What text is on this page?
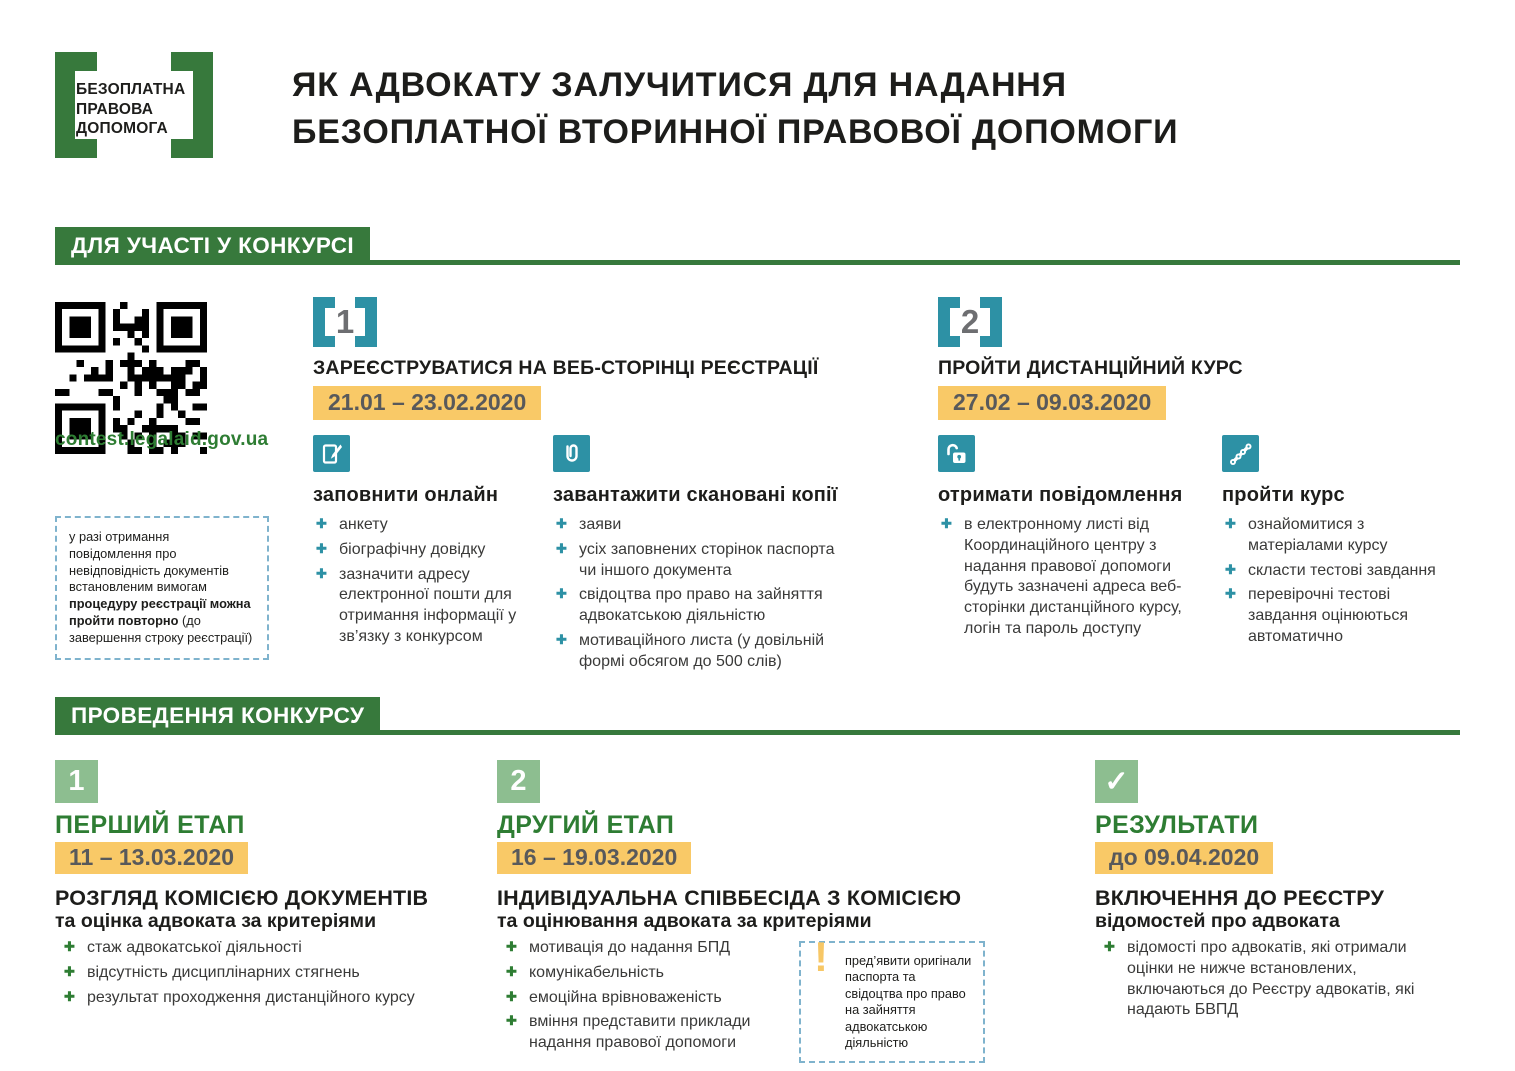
БЕЗОПЛАТНА
ПРАВОВА
ДОПОМОГА
ЯК АДВОКАТУ ЗАЛУЧИТИСЯ ДЛЯ НАДАННЯ
БЕЗОПЛАТНОЇ ВТОРИННОЇ ПРАВОВОЇ ДОПОМОГИ
ДЛЯ УЧАСТІ У КОНКУРСІ
contest.legalaid.gov.ua
у разі отримання повідомлення про невідповідність документів встановленим вимогам процедуру реєстрації можна пройти повторно (до завершення строку реєстрації)
1
ЗАРЕЄСТРУВАТИСЯ НА ВЕБ-СТОРІНЦІ РЕЄСТРАЦІЇ
21.01 – 23.02.2020
2
ПРОЙТИ ДИСТАНЦІЙНИЙ КУРС
27.02 – 09.03.2020
заповнити онлайн
✚ анкету
✚ біографічну довідку
✚ зазначити адресу електронної пошти для отримання інформації у зв’язку з конкурсом
завантажити скановані копії
✚ заяви
✚ усіх заповнених сторінок паспорта чи іншого документа
✚ свідоцтва про право на зайняття адвокатською діяльністю
✚ мотиваційного листа (у довільній формі обсягом до 500 слів)
отримати повідомлення
✚ в електронному листі від Координаційного центру з надання правової допомоги будуть зазначені адреса веб-сторінки дистанційного курсу, логін та пароль доступу
пройти курс
✚ ознайомитися з матеріалами курсу
✚ скласти тестові завдання
✚ перевірочні тестові завдання оцінюються автоматично
ПРОВЕДЕННЯ КОНКУРСУ
1
ПЕРШИЙ ЕТАП
11 – 13.03.2020
РОЗГЛЯД КОМІСІЄЮ ДОКУМЕНТІВ
та оцінка адвоката за критеріями
✚ стаж адвокатської діяльності
✚ відсутність дисциплінарних стягнень
✚ результат проходження дистанційного курсу
2
ДРУГИЙ ЕТАП
16 – 19.03.2020
ІНДИВІДУАЛЬНА СПІВБЕСІДА З КОМІСІЄЮ
та оцінювання адвоката за критеріями
✚ мотивація до надання БПД
✚ комунікабельність
✚ емоційна врівноваженість
✚ вміння представити приклади надання правової допомоги
! пред’явити оригінали паспорта та свідоцтва про право на зайняття адвокатською діяльністю
✓
РЕЗУЛЬТАТИ
до 09.04.2020
ВКЛЮЧЕННЯ ДО РЕЄСТРУ
відомостей про адвоката
✚ відомості про адвокатів, які отримали оцінки не нижче встановлених, включаються до Реєстру адвокатів, які надають БВПД
